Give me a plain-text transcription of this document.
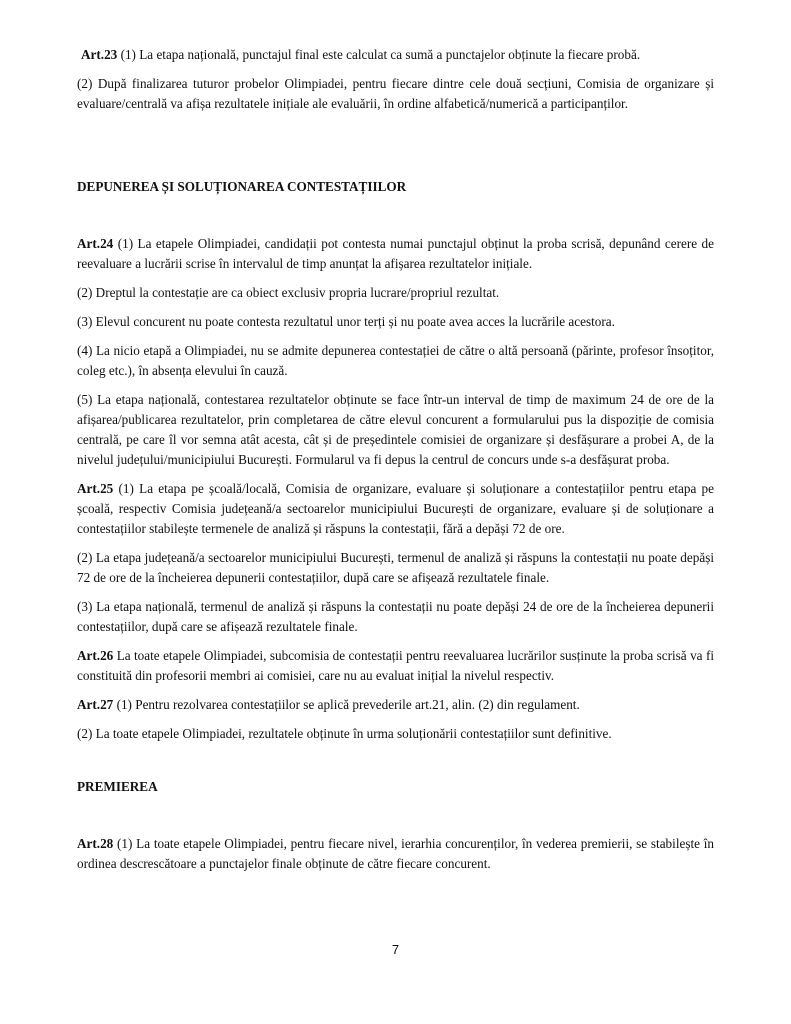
Art.23 (1) La etapa națională, punctajul final este calculat ca sumă a punctajelor obținute la fiecare probă.

(2) După finalizarea tuturor probelor Olimpiadei, pentru fiecare dintre cele două secțiuni, Comisia de organizare și evaluare/centrală va afișa rezultatele inițiale ale evaluării, în ordine alfabetică/numerică a participanților.

DEPUNEREA ȘI SOLUȚIONAREA CONTESTAȚIILOR

Art.24 (1) La etapele Olimpiadei, candidații pot contesta numai punctajul obținut la proba scrisă, depunând cerere de reevaluare a lucrării scrise în intervalul de timp anunțat la afișarea rezultatelor inițiale.

(2) Dreptul la contestație are ca obiect exclusiv propria lucrare/propriul rezultat.

(3) Elevul concurent nu poate contesta rezultatul unor terți și nu poate avea acces la lucrările acestora.

(4) La nicio etapă a Olimpiadei, nu se admite depunerea contestației de către o altă persoană (părinte, profesor însoțitor, coleg etc.), în absența elevului în cauză.

(5) La etapa națională, contestarea rezultatelor obținute se face într-un interval de timp de maximum 24 de ore de la afișarea/publicarea rezultatelor, prin completarea de către elevul concurent a formularului pus la dispoziție de comisia centrală, pe care îl vor semna atât acesta, cât și de președintele comisiei de organizare și desfășurare a probei A, de la nivelul județului/municipiului București. Formularul va fi depus la centrul de concurs unde s-a desfășurat proba.

Art.25 (1) La etapa pe școală/locală, Comisia de organizare, evaluare și soluționare a contestațiilor pentru etapa pe școală, respectiv Comisia județeană/a sectoarelor municipiului București de organizare, evaluare și de soluționare a contestațiilor stabilește termenele de analiză și răspuns la contestații, fără a depăși 72 de ore.

(2) La etapa județeană/a sectoarelor municipiului București, termenul de analiză și răspuns la contestații nu poate depăși 72 de ore de la încheierea depunerii contestațiilor, după care se afișează rezultatele finale.

(3) La etapa națională, termenul de analiză și răspuns la contestații nu poate depăși 24 de ore de la încheierea depunerii contestațiilor, după care se afișează rezultatele finale.

Art.26 La toate etapele Olimpiadei, subcomisia de contestații pentru reevaluarea lucrărilor susținute la proba scrisă va fi constituită din profesorii membri ai comisiei, care nu au evaluat inițial la nivelul respectiv.

Art.27 (1) Pentru rezolvarea contestațiilor se aplică prevederile art.21, alin. (2) din regulament.

(2) La toate etapele Olimpiadei, rezultatele obținute în urma soluționării contestațiilor sunt definitive.

PREMIEREA

Art.28 (1) La toate etapele Olimpiadei, pentru fiecare nivel, ierarhia concurenților, în vederea premierii, se stabilește în ordinea descrescătoare a punctajelor finale obținute de către fiecare concurent.

7
